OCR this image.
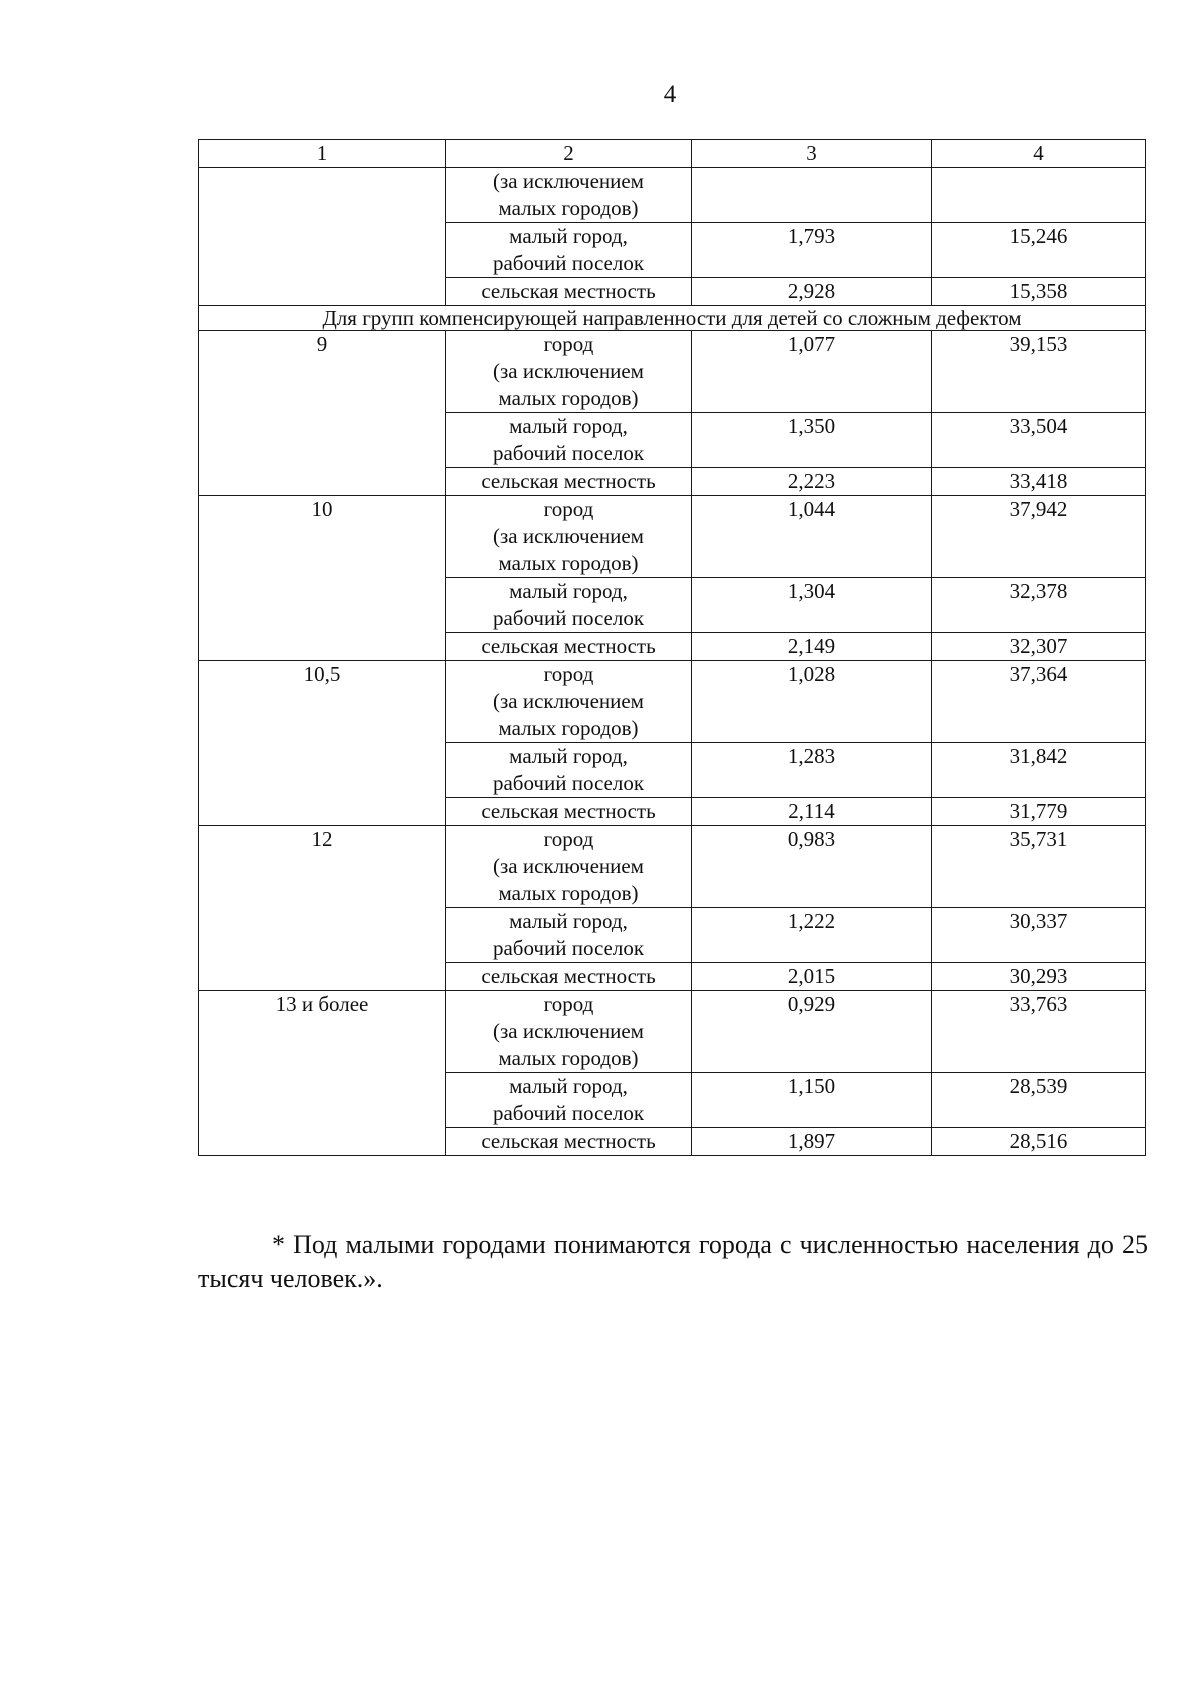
4
1	2	3	4
	(за исключением
малых городов)		
	малый город,
рабочий поселок	1,793	15,246
	сельская местность	2,928	15,358
Для групп компенсирующей направленности для детей со сложным дефектом			
9	город
(за исключением
малых городов)	1,077	39,153
	малый город,
рабочий поселок	1,350	33,504
	сельская местность	2,223	33,418
10	город
(за исключением
малых городов)	1,044	37,942
	малый город,
рабочий поселок	1,304	32,378
	сельская местность	2,149	32,307
10,5	город
(за исключением
малых городов)	1,028	37,364
	малый город,
рабочий поселок	1,283	31,842
	сельская местность	2,114	31,779
12	город
(за исключением
малых городов)	0,983	35,731
	малый город,
рабочий поселок	1,222	30,337
	сельская местность	2,015	30,293
13 и более	город
(за исключением
малых городов)	0,929	33,763
	малый город,
рабочий поселок	1,150	28,539
	сельская местность	1,897	28,516

* Под малыми городами понимаются города с численностью населения до 25 тысяч человек.».
